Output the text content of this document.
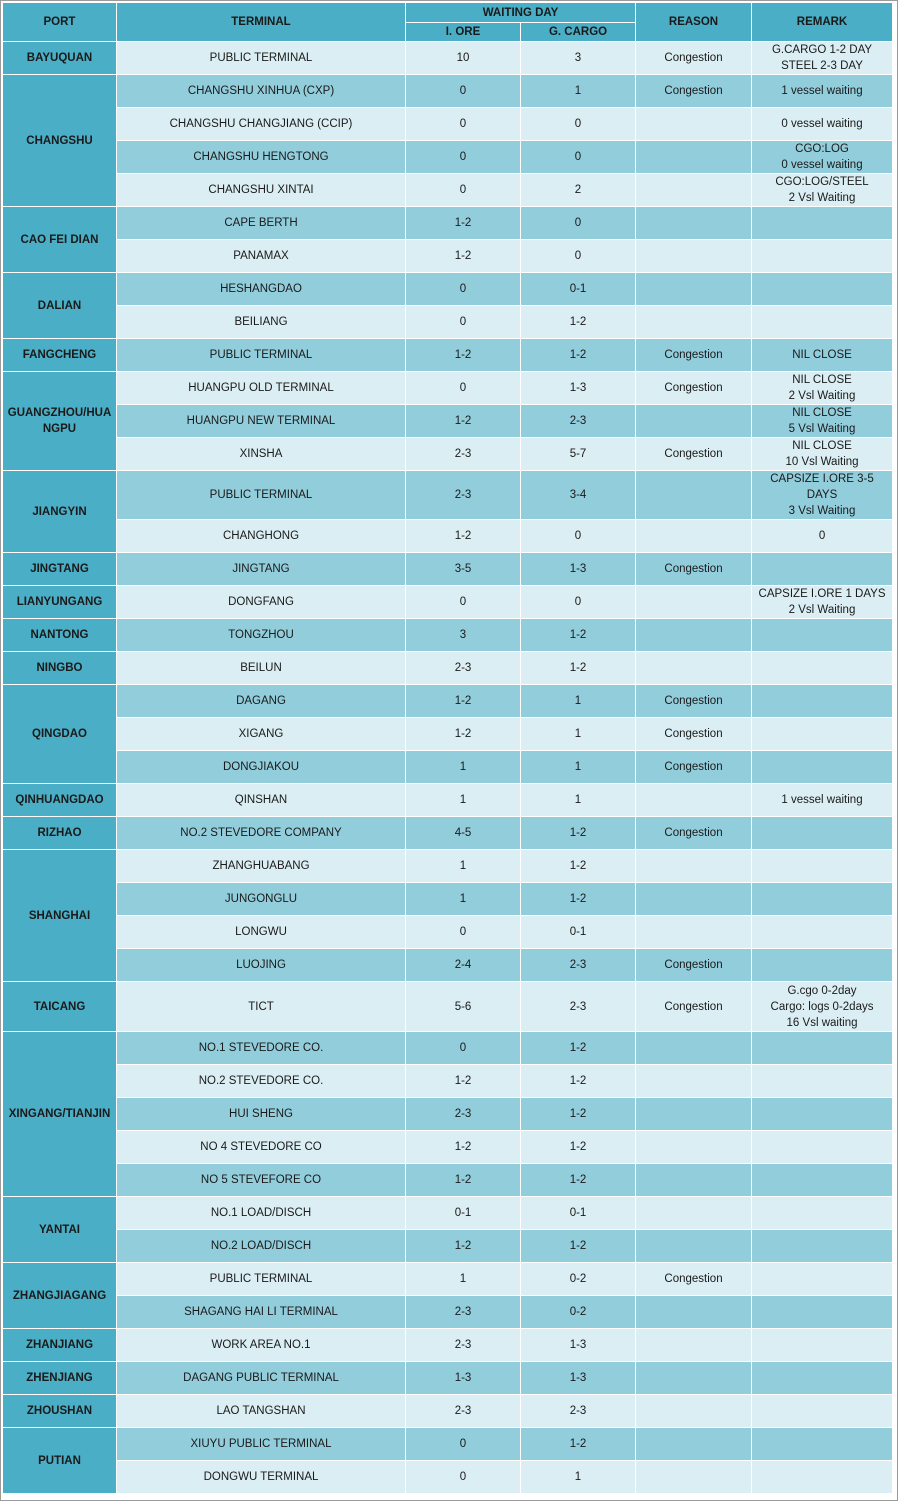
PORT	TERMINAL	WAITING DAY		REASON	REMARK
		I. ORE	G. CARGO		
BAYUQUAN	PUBLIC TERMINAL	10	3	Congestion	G.CARGO 1-2 DAY
STEEL 2-3 DAY
CHANGSHU	CHANGSHU XINHUA (CXP)	0	1	Congestion	1 vessel waiting
	CHANGSHU CHANGJIANG (CCIP)	0	0		0 vessel waiting
	CHANGSHU HENGTONG	0	0		CGO:LOG
0 vessel waiting
	CHANGSHU XINTAI	0	2		CGO:LOG/STEEL
2 Vsl Waiting
CAO FEI DIAN	CAPE BERTH	1-2	0		
	PANAMAX	1-2	0		
DALIAN	HESHANGDAO	0	0-1		
	BEILIANG	0	1-2		
FANGCHENG	PUBLIC TERMINAL	1-2	1-2	Congestion	NIL CLOSE
GUANGZHOU/HUA
NGPU	HUANGPU OLD TERMINAL	0	1-3	Congestion	NIL CLOSE
2 Vsl Waiting
	HUANGPU NEW TERMINAL	1-2	2-3		NIL CLOSE
5 Vsl Waiting
	XINSHA	2-3	5-7	Congestion	NIL CLOSE
10 Vsl Waiting
JIANGYIN	PUBLIC TERMINAL	2-3	3-4		CAPSIZE I.ORE 3-5 DAYS
3 Vsl Waiting
	CHANGHONG	1-2	0		0
JINGTANG	JINGTANG	3-5	1-3	Congestion	
LIANYUNGANG	DONGFANG	0	0		CAPSIZE I.ORE 1 DAYS
2 Vsl Waiting
NANTONG	TONGZHOU	3	1-2		
NINGBO	BEILUN	2-3	1-2		
QINGDAO	DAGANG	1-2	1	Congestion	
	XIGANG	1-2	1	Congestion	
	DONGJIAKOU	1	1	Congestion	
QINHUANGDAO	QINSHAN	1	1		1 vessel waiting
RIZHAO	NO.2 STEVEDORE COMPANY	4-5	1-2	Congestion	
SHANGHAI	ZHANGHUABANG	1	1-2		
	JUNGONGLU	1	1-2		
	LONGWU	0	0-1		
	LUOJING	2-4	2-3	Congestion	
TAICANG	TICT	5-6	2-3	Congestion	G.cgo 0-2day
Cargo: logs 0-2days
16 Vsl waiting
XINGANG/TIANJIN	NO.1 STEVEDORE CO.	0	1-2		
	NO.2 STEVEDORE CO.	1-2	1-2		
	HUI SHENG	2-3	1-2		
	NO 4 STEVEDORE CO	1-2	1-2		
	NO 5 STEVEFORE CO	1-2	1-2		
YANTAI	NO.1 LOAD/DISCH	0-1	0-1		
	NO.2 LOAD/DISCH	1-2	1-2		
ZHANGJIAGANG	PUBLIC TERMINAL	1	0-2	Congestion	
	SHAGANG HAI LI TERMINAL	2-3	0-2		
ZHANJIANG	WORK AREA NO.1	2-3	1-3		
ZHENJIANG	DAGANG PUBLIC TERMINAL	1-3	1-3		
ZHOUSHAN	LAO TANGSHAN	2-3	2-3		
PUTIAN	XIUYU PUBLIC TERMINAL	0	1-2		
	DONGWU TERMINAL	0	1		
